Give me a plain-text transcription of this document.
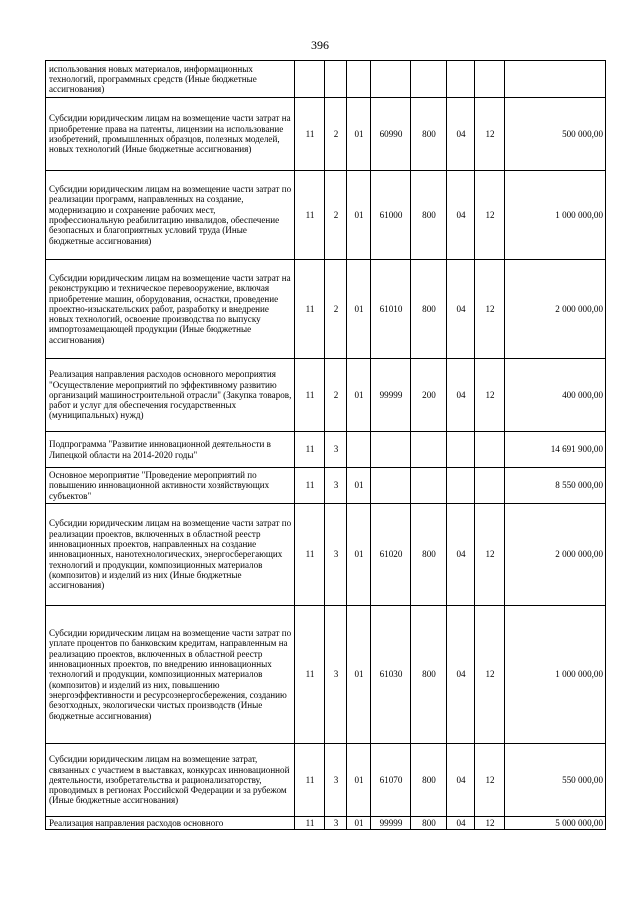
396
использования новых материалов, информационных технологий, программных средств (Иные бюджетные ассигнования)								
Субсидии юридическим лицам на возмещение части затрат на приобретение права на патенты, лицензии на использование изобретений, промышленных образцов, полезных моделей, новых технологий (Иные бюджетные ассигнования)	11	2	01	60990	800	04	12	500 000,00
Субсидии юридическим лицам на возмещение части затрат по реализации программ, направленных на создание, модернизацию и сохранение рабочих мест, профессиональную реабилитацию инвалидов, обеспечение безопасных и благоприятных условий труда (Иные бюджетные ассигнования)	11	2	01	61000	800	04	12	1 000 000,00
Субсидии юридическим лицам на возмещение части затрат на реконструкцию и техническое перевооружение, включая приобретение машин, оборудования, оснастки, проведение проектно-изыскательских работ, разработку и внедрение новых технологий, освоение производства по выпуску импортозамещающей продукции (Иные бюджетные ассигнования)	11	2	01	61010	800	04	12	2 000 000,00
Реализация направления расходов основного мероприятия "Осуществление мероприятий по эффективному развитию организаций машиностроительной отрасли" (Закупка товаров, работ и услуг для обеспечения государственных (муниципальных) нужд)	11	2	01	99999	200	04	12	400 000,00
Подпрограмма "Развитие инновационной деятельности в Липецкой области на 2014-2020 годы"	11	3						14 691 900,00
Основное мероприятие "Проведение мероприятий по повышению инновационной активности хозяйствующих субъектов"	11	3	01					8 550 000,00
Субсидии юридическим лицам на возмещение части затрат по реализации проектов, включенных в областной реестр инновационных проектов, направленных на создание инновационных, нанотехнологических, энергосберегающих технологий и продукции, композиционных материалов (композитов) и изделий из них (Иные бюджетные ассигнования)	11	3	01	61020	800	04	12	2 000 000,00
Субсидии юридическим лицам на возмещение части затрат по уплате процентов по банковским кредитам, направленным на реализацию проектов, включенных в областной реестр инновационных проектов, по внедрению инновационных технологий и продукции, композиционных материалов (композитов) и изделий из них, повышению энергоэффективности и ресурсоэнергосбережения, созданию безотходных, экологически чистых производств (Иные бюджетные ассигнования)	11	3	01	61030	800	04	12	1 000 000,00
Субсидии юридическим лицам на возмещение затрат, связанных с участием в выставках, конкурсах инновационной деятельности, изобретательства и рационализаторству, проводимых в регионах Российской Федерации и за рубежом (Иные бюджетные ассигнования)	11	3	01	61070	800	04	12	550 000,00
Реализация направления расходов основного	11	3	01	99999	800	04	12	5 000 000,00
